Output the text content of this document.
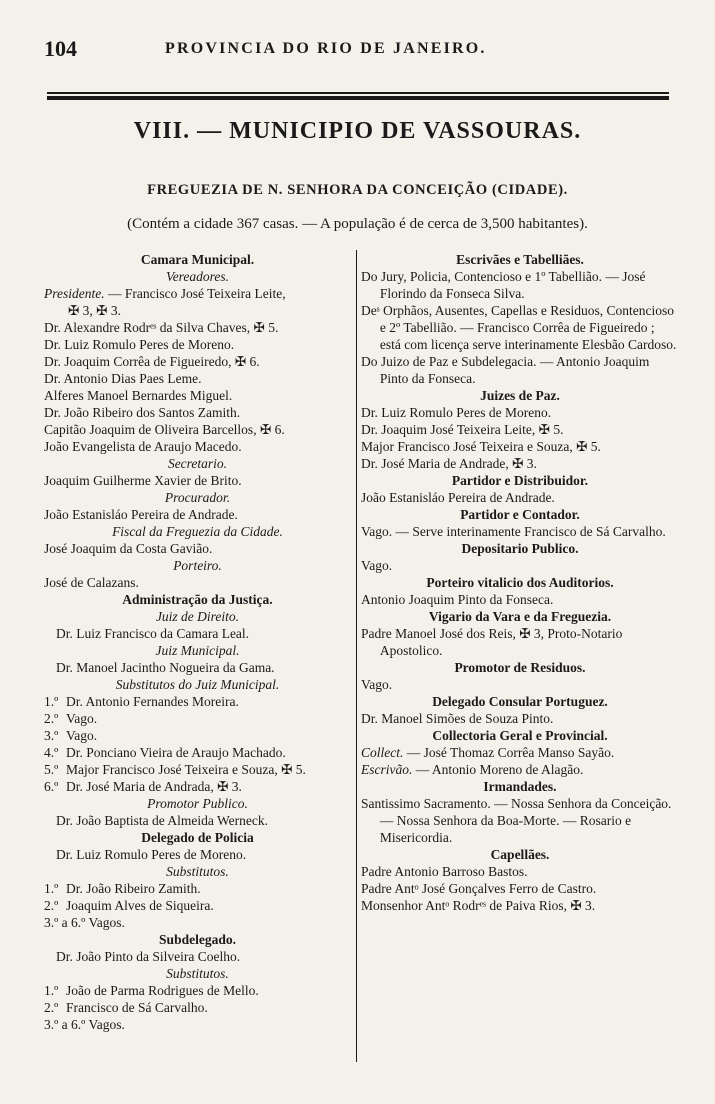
104	PROVINCIA DO RIO DE JANEIRO.
VIII. — MUNICIPIO DE VASSOURAS.
FREGUEZIA DE N. SENHORA DA CONCEIÇÃO (CIDADE).
(Contém a cidade 367 casas. — A população é de cerca de 3,500 habitantes).
Camara Municipal.
Vereadores.
Presidente. — Francisco José Teixeira Leite,
✠ 3, ✠ 3.
Dr. Alexandre Rodrᵉˢ da Silva Chaves, ✠ 5.
Dr. Luiz Romulo Peres de Moreno.
Dr. Joaquim Corrêa de Figueiredo, ✠ 6.
Dr. Antonio Dias Paes Leme.
Alferes Manoel Bernardes Miguel.
Dr. João Ribeiro dos Santos Zamith.
Capitão Joaquim de Oliveira Barcellos, ✠ 6.
João Evangelista de Araujo Macedo.
Secretario.
Joaquim Guilherme Xavier de Brito.
Procurador.
João Estanisláo Pereira de Andrade.
Fiscal da Freguezia da Cidade.
José Joaquim da Costa Gavião.
Porteiro.
José de Calazans.
Administração da Justiça.
Juiz de Direito.
Dr. Luiz Francisco da Camara Leal.
Juiz Municipal.
Dr. Manoel Jacintho Nogueira da Gama.
Substitutos do Juiz Municipal.
1.º Dr. Antonio Fernandes Moreira.
2.º Vago.
3.º Vago.
4.º Dr. Ponciano Vieira de Araujo Machado.
5.º Major Francisco José Teixeira e Souza, ✠ 5.
6.º Dr. José Maria de Andrada, ✠ 3.
Promotor Publico.
Dr. João Baptista de Almeida Werneck.
Delegado de Policia
Dr. Luiz Romulo Peres de Moreno.
Substitutos.
1.º Dr. João Ribeiro Zamith.
2.º Joaquim Alves de Siqueira.
3.º a 6.º Vagos.
Subdelegado.
Dr. João Pinto da Silveira Coelho.
Substitutos.
1.º João de Parma Rodrigues de Mello.
2.º Francisco de Sá Carvalho.
3.º a 6.º Vagos.
Escrivães e Tabelliães.
Do Jury, Policia, Contencioso e 1º Tabellião. — José Florindo da Fonseca Silva.
Deˢ Orphãos, Ausentes, Capellas e Residuos, Contencioso e 2º Tabellião. — Francisco Corrêa de Figueiredo ; está com licença serve interinamente Elesbão Cardoso.
Do Juizo de Paz e Subdelegacia. — Antonio Joaquim Pinto da Fonseca.
Juizes de Paz.
Dr. Luiz Romulo Peres de Moreno.
Dr. Joaquim José Teixeira Leite, ✠ 5.
Major Francisco José Teixeira e Souza, ✠ 5.
Dr. José Maria de Andrade, ✠ 3.
Partidor e Distribuidor.
João Estanisláo Pereira de Andrade.
Partidor e Contador.
Vago. — Serve interinamente Francisco de Sá Carvalho.
Depositario Publico.
Vago.
Porteiro vitalicio dos Auditorios.
Antonio Joaquim Pinto da Fonseca.
Vigario da Vara e da Freguezia.
Padre Manoel José dos Reis, ✠ 3, Proto-Notario Apostolico.
Promotor de Residuos.
Vago.
Delegado Consular Portuguez.
Dr. Manoel Simões de Souza Pinto.
Collectoria Geral e Provincial.
Collect. — José Thomaz Corrêa Manso Sayão.
Escrivão. — Antonio Moreno de Alagão.
Irmandades.
Santissimo Sacramento. — Nossa Senhora da Conceição. — Nossa Senhora da Boa-Morte. — Rosario e Misericordia.
Capellães.
Padre Antonio Barroso Bastos.
Padre Antᵒ José Gonçalves Ferro de Castro.
Monsenhor Antᵒ Rodrᵉˢ de Paiva Rios, ✠ 3.
